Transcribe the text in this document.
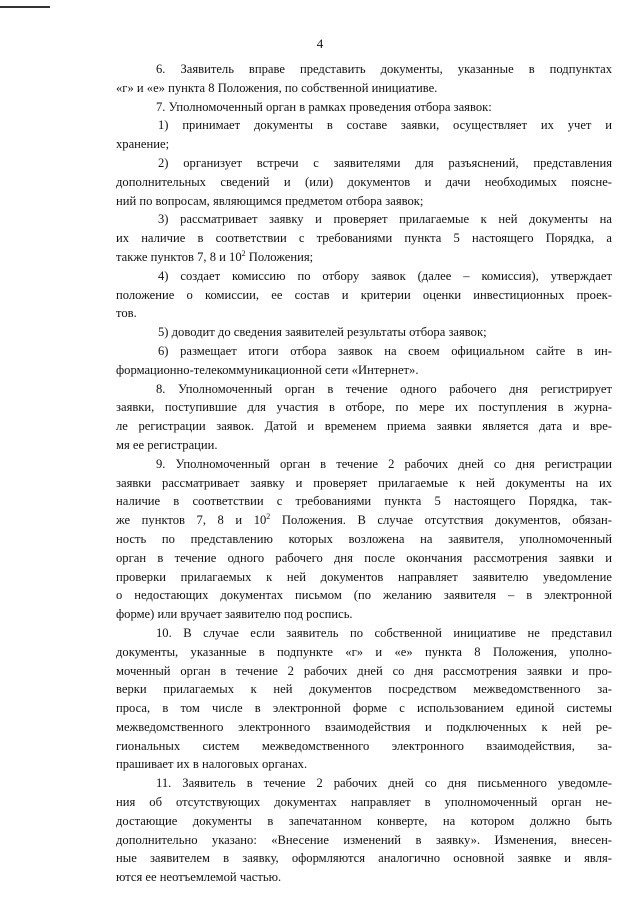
4
6. Заявитель вправе представить документы, указанные в подпунктах
«г» и «е» пункта 8 Положения, по собственной инициативе.
7. Уполномоченный орган в рамках проведения отбора заявок:
1) принимает документы в составе заявки, осуществляет их учет и
хранение;
2) организует встречи с заявителями для разъяснений, представления
дополнительных сведений и (или) документов и дачи необходимых поясне-
ний по вопросам, являющимся предметом отбора заявок;
3) рассматривает заявку и проверяет прилагаемые к ней документы на
их наличие в соответствии с требованиями пункта 5 настоящего Порядка, а
также пунктов 7, 8 и $10^2$ Положения;
4) создает комиссию по отбору заявок (далее – комиссия), утверждает
положение о комиссии, ее состав и критерии оценки инвестиционных проек-
тов.
5) доводит до сведения заявителей результаты отбора заявок;
6) размещает итоги отбора заявок на своем официальном сайте в ин-
формационно-телекоммуникационной сети «Интернет».
8. Уполномоченный орган в течение одного рабочего дня регистрирует
заявки, поступившие для участия в отборе, по мере их поступления в журна-
ле регистрации заявок. Датой и временем приема заявки является дата и вре-
мя ее регистрации.
9. Уполномоченный орган в течение 2 рабочих дней со дня регистрации
заявки рассматривает заявку и проверяет прилагаемые к ней документы на их
наличие в соответствии с требованиями пункта 5 настоящего Порядка, так-
же пунктов 7, 8 и $10^2$ Положения. В случае отсутствия документов, обязан-
ность по представлению которых возложена на заявителя, уполномоченный
орган в течение одного рабочего дня после окончания рассмотрения заявки и
проверки прилагаемых к ней документов направляет заявителю уведомление
о недостающих документах письмом (по желанию заявителя – в электронной
форме) или вручает заявителю под роспись.
10. В случае если заявитель по собственной инициативе не представил
документы, указанные в подпункте «г» и «е» пункта 8 Положения, уполно-
моченный орган в течение 2 рабочих дней со дня рассмотрения заявки и про-
верки прилагаемых к ней документов посредством межведомственного за-
проса, в том числе в электронной форме с использованием единой системы
межведомственного электронного взаимодействия и подключенных к ней ре-
гиональных систем межведомственного электронного взаимодействия, за-
прашивает их в налоговых органах.
11. Заявитель в течение 2 рабочих дней со дня письменного уведомле-
ния об отсутствующих документах направляет в уполномоченный орган не-
достающие документы в запечатанном конверте, на котором должно быть
дополнительно указано: «Внесение изменений в заявку». Изменения, внесен-
ные заявителем в заявку, оформляются аналогично основной заявке и явля-
ются ее неотъемлемой частью.
